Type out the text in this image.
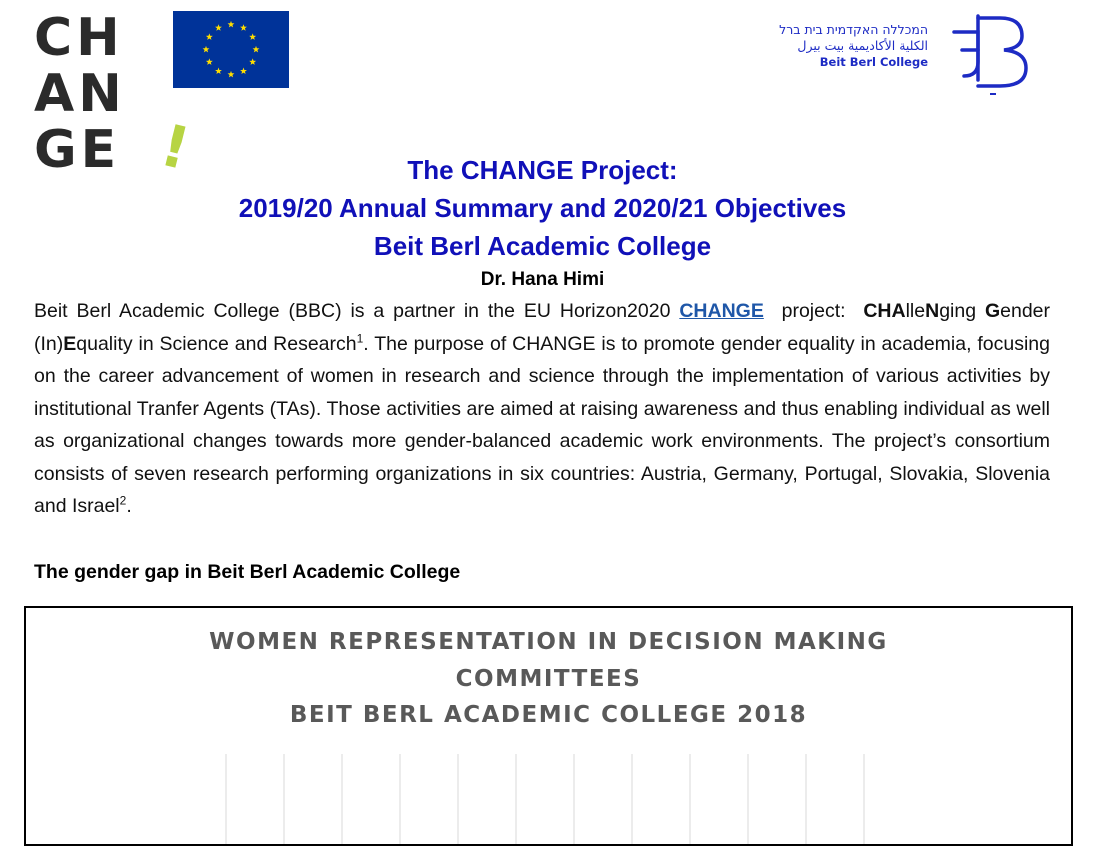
CH
AN
GE !
המכללה האקדמית בית ברל
الكلية الأكاديمية بيت بيرل
Beit Berl College
The CHANGE Project:
2019/20 Annual Summary and 2020/21 Objectives
Beit Berl Academic College
Dr. Hana Himi
Beit Berl Academic College (BBC) is a partner in the EU Horizon2020 CHANGE  project:  CHAlleNging Gender (In)Equality in Science and Research$^1$. The purpose of CHANGE is to promote gender equality in academia, focusing on the career advancement of women in research and science through the implementation of various activities by institutional Tranfer Agents (TAs). Those activities are aimed at raising awareness and thus enabling individual as well as organizational changes towards more gender-balanced academic work environments. The project’s consortium consists of seven research performing organizations in six countries: Austria, Germany, Portugal, Slovakia, Slovenia and Israel$^2$.
The gender gap in Beit Berl Academic College
WOMEN REPRESENTATION IN DECISION MAKING
COMMITTEES
BEIT BERL ACADEMIC COLLEGE 2018
